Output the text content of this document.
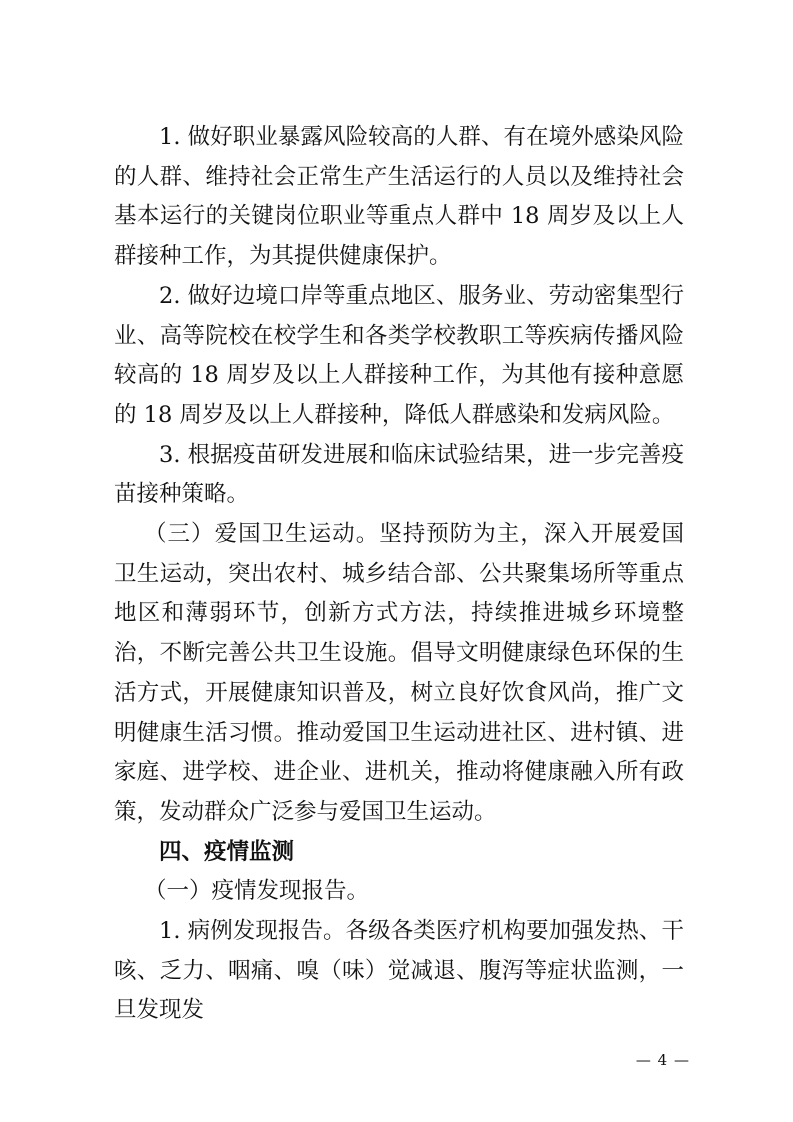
1. 做好职业暴露风险较高的人群、有在境外感染风险的人群、维持社会正常生产生活运行的人员以及维持社会基本运行的关键岗位职业等重点人群中 18 周岁及以上人群接种工作，为其提供健康保护。

2. 做好边境口岸等重点地区、服务业、劳动密集型行业、高等院校在校学生和各类学校教职工等疾病传播风险较高的 18 周岁及以上人群接种工作，为其他有接种意愿的 18 周岁及以上人群接种，降低人群感染和发病风险。

3. 根据疫苗研发进展和临床试验结果，进一步完善疫苗接种策略。

（三）爱国卫生运动。坚持预防为主，深入开展爱国卫生运动，突出农村、城乡结合部、公共聚集场所等重点地区和薄弱环节，创新方式方法，持续推进城乡环境整治，不断完善公共卫生设施。倡导文明健康绿色环保的生活方式，开展健康知识普及，树立良好饮食风尚，推广文明健康生活习惯。推动爱国卫生运动进社区、进村镇、进家庭、进学校、进企业、进机关，推动将健康融入所有政策，发动群众广泛参与爱国卫生运动。

四、疫情监测

（一）疫情发现报告。

1. 病例发现报告。各级各类医疗机构要加强发热、干咳、乏力、咽痛、嗅（味）觉减退、腹泻等症状监测，一旦发现发

— 4 —
